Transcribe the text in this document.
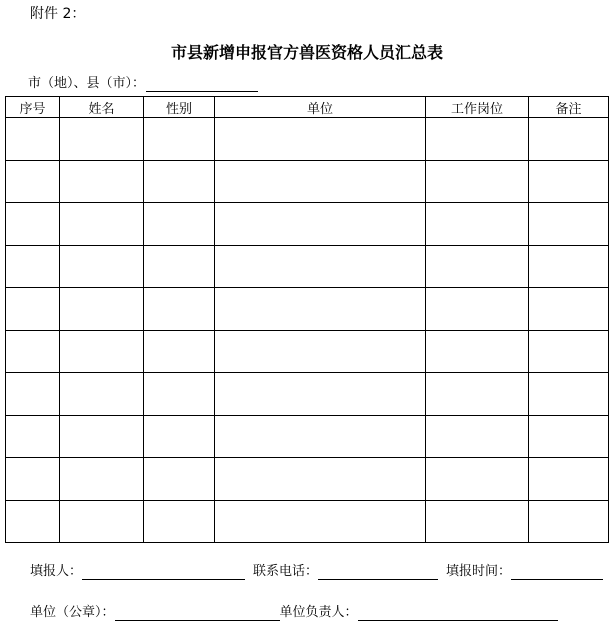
附件 2：
市县新增申报官方兽医资格人员汇总表
市（地）、县（市）：
序号	姓名	性别	单位	工作岗位	备注

填报人：	联系电话：	填报时间：
单位（公章）：	单位负责人：
